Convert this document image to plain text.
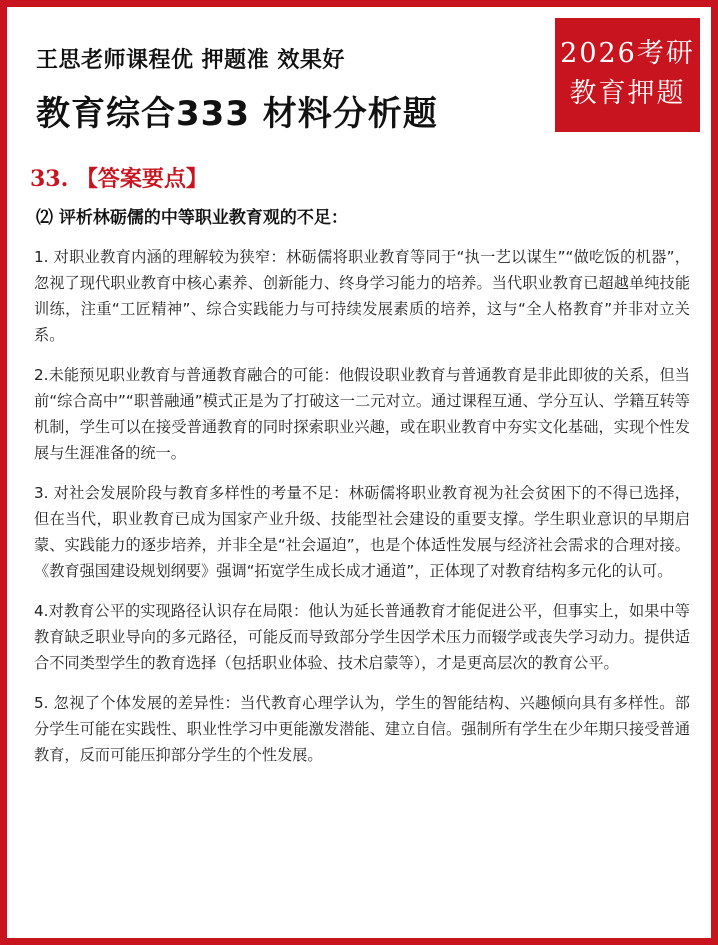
王思老师课程优 押题准 效果好
教育综合333 材料分析题
2026考研
教育押题
33. 【答案要点】
⑵ 评析林砺儒的中等职业教育观的不足：

1. 对职业教育内涵的理解较为狭窄：林砺儒将职业教育等同于“执一艺以谋生”“做吃饭的机器”，忽视了现代职业教育中核心素养、创新能力、终身学习能力的培养。当代职业教育已超越单纯技能训练，注重“工匠精神”、综合实践能力与可持续发展素质的培养，这与“全人格教育”并非对立关系。

2.未能预见职业教育与普通教育融合的可能：他假设职业教育与普通教育是非此即彼的关系，但当前“综合高中”“职普融通”模式正是为了打破这一二元对立。通过课程互通、学分互认、学籍互转等机制，学生可以在接受普通教育的同时探索职业兴趣，或在职业教育中夯实文化基础，实现个性发展与生涯准备的统一。

3. 对社会发展阶段与教育多样性的考量不足：林砺儒将职业教育视为社会贫困下的不得已选择，但在当代，职业教育已成为国家产业升级、技能型社会建设的重要支撑。学生职业意识的早期启蒙、实践能力的逐步培养，并非全是“社会逼迫”，也是个体适性发展与经济社会需求的合理对接。《教育强国建设规划纲要》强调“拓宽学生成长成才通道”，正体现了对教育结构多元化的认可。

4.对教育公平的实现路径认识存在局限：他认为延长普通教育才能促进公平，但事实上，如果中等教育缺乏职业导向的多元路径，可能反而导致部分学生因学术压力而辍学或丧失学习动力。提供适合不同类型学生的教育选择（包括职业体验、技术启蒙等），才是更高层次的教育公平。

5. 忽视了个体发展的差异性：当代教育心理学认为，学生的智能结构、兴趣倾向具有多样性。部分学生可能在实践性、职业性学习中更能激发潜能、建立自信。强制所有学生在少年期只接受普通教育，反而可能压抑部分学生的个性发展。
